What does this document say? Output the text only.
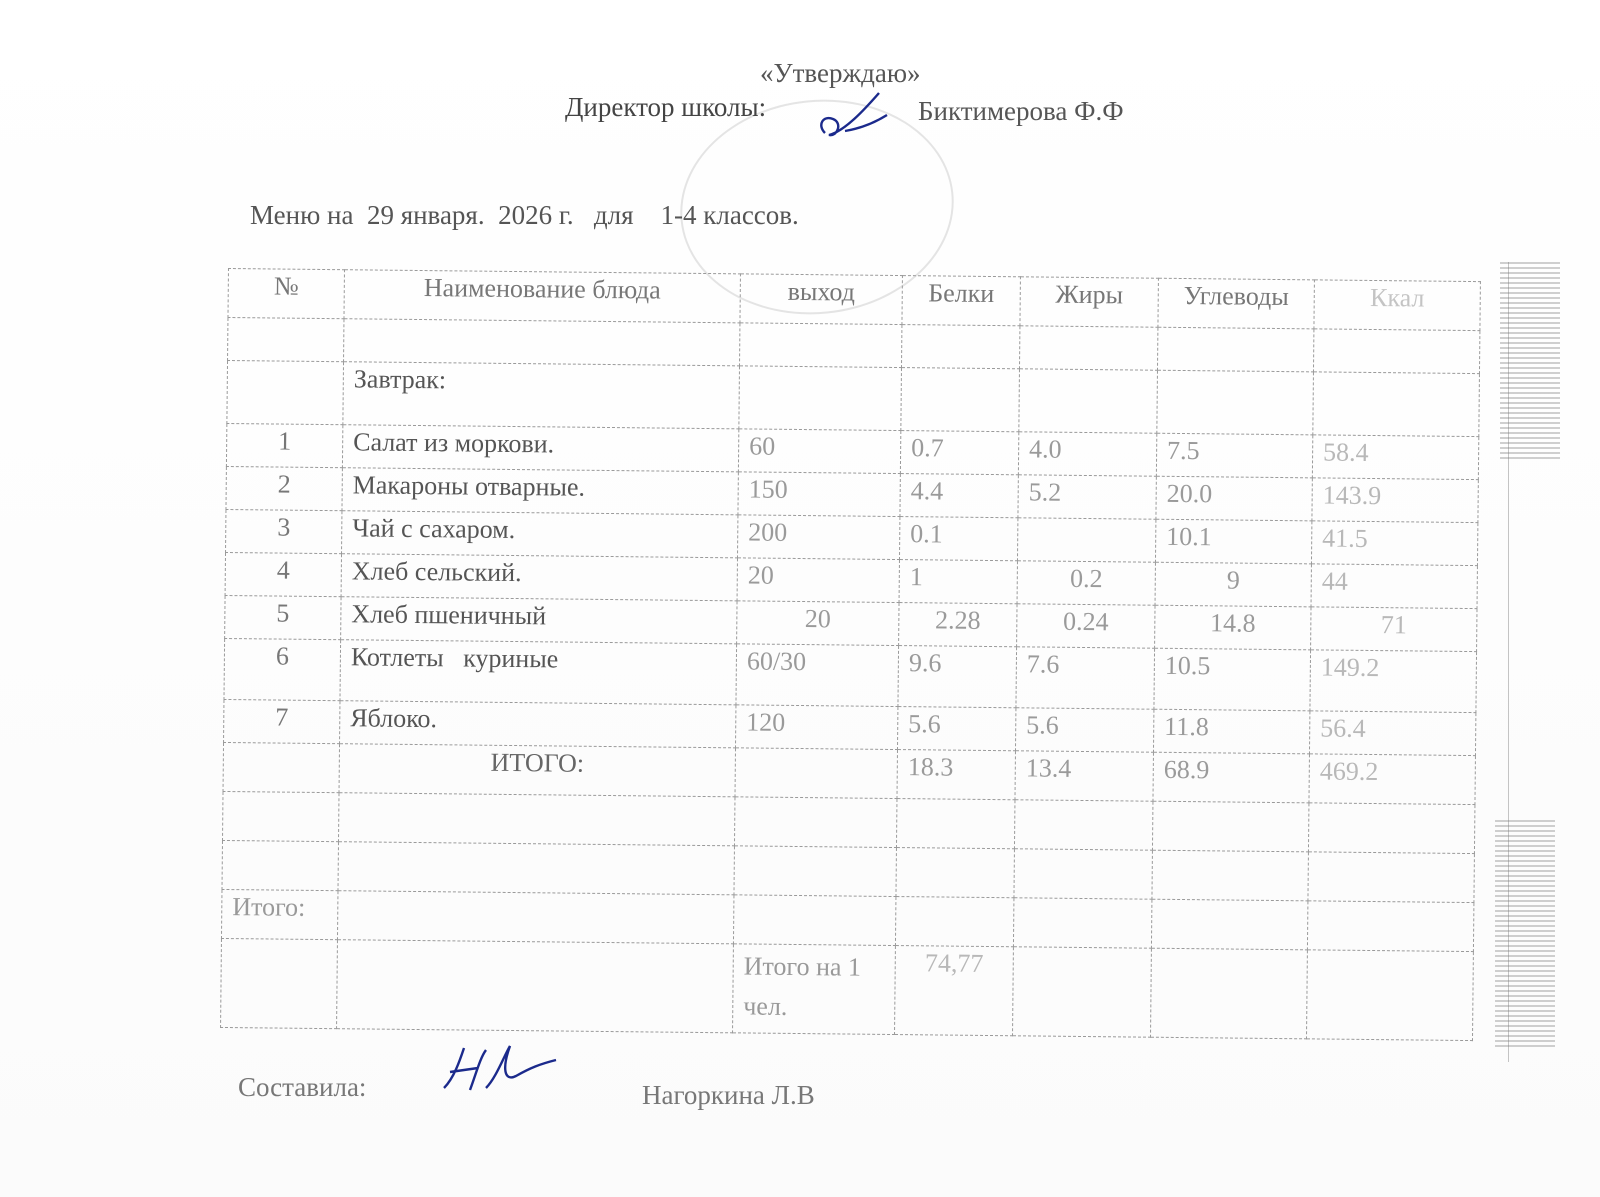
«Утверждаю»
Директор школы:	Биктимерова Ф.Ф
Меню на  29 января.  2026 г.   для    1-4 классов.
№	Наименование блюда	выход	Белки	Жиры	Углеводы	Ккал

	Завтрак:					
1	Салат из моркови.	60	0.7	4.0	7.5	58.4
2	Макароны отварные.	150	4.4	5.2	20.0	143.9
3	Чай с сахаром.	200	0.1		10.1	41.5
4	Хлеб сельский.	20	1	0.2	9	44
5	Хлеб пшеничный	20	2.28	0.24	14.8	71
6	Котлеты   куриные	60/30	9.6	7.6	10.5	149.2
7	Яблоко.	120	5.6	5.6	11.8	56.4
	ИТОГО:		18.3	13.4	68.9	469.2

Итого:						
		Итого на 1 чел.	74,77			
Составила:	Нагоркина Л.В
